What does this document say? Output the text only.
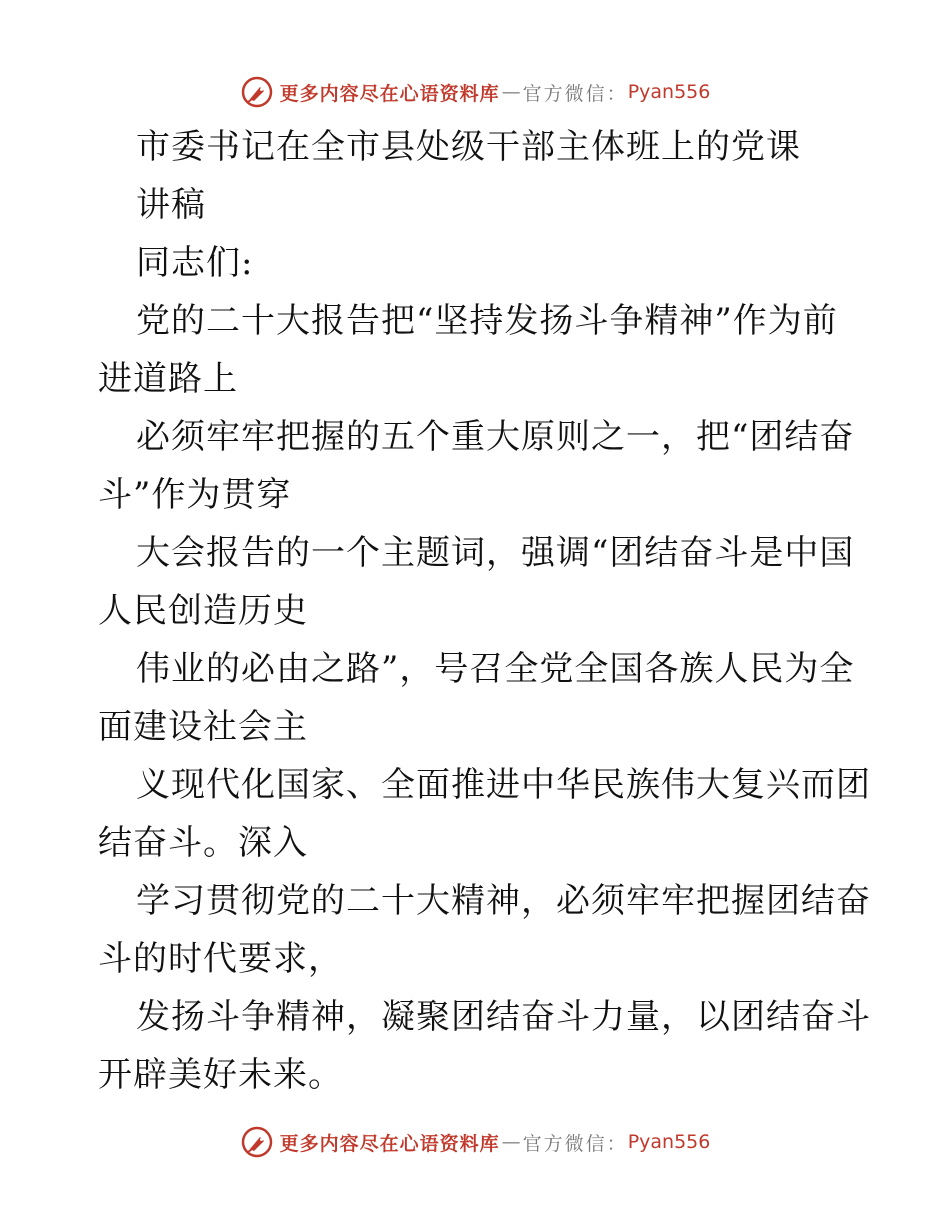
更多内容尽在心语资料库 — 官方微信： Pyan556
市委书记在全市县处级干部主体班上的党课
讲稿
同志们:
党的二十大报告把“坚持发扬斗争精神”作为前
进道路上
必须牢牢把握的五个重大原则之一，把“团结奋
斗”作为贯穿
大会报告的一个主题词，强调“团结奋斗是中国
人民创造历史
伟业的必由之路”，号召全党全国各族人民为全
面建设社会主
义现代化国家、全面推进中华民族伟大复兴而团
结奋斗。深入
学习贯彻党的二十大精神，必须牢牢把握团结奋
斗的时代要求，
发扬斗争精神，凝聚团结奋斗力量，以团结奋斗
开辟美好未来。
更多内容尽在心语资料库 — 官方微信： Pyan556
